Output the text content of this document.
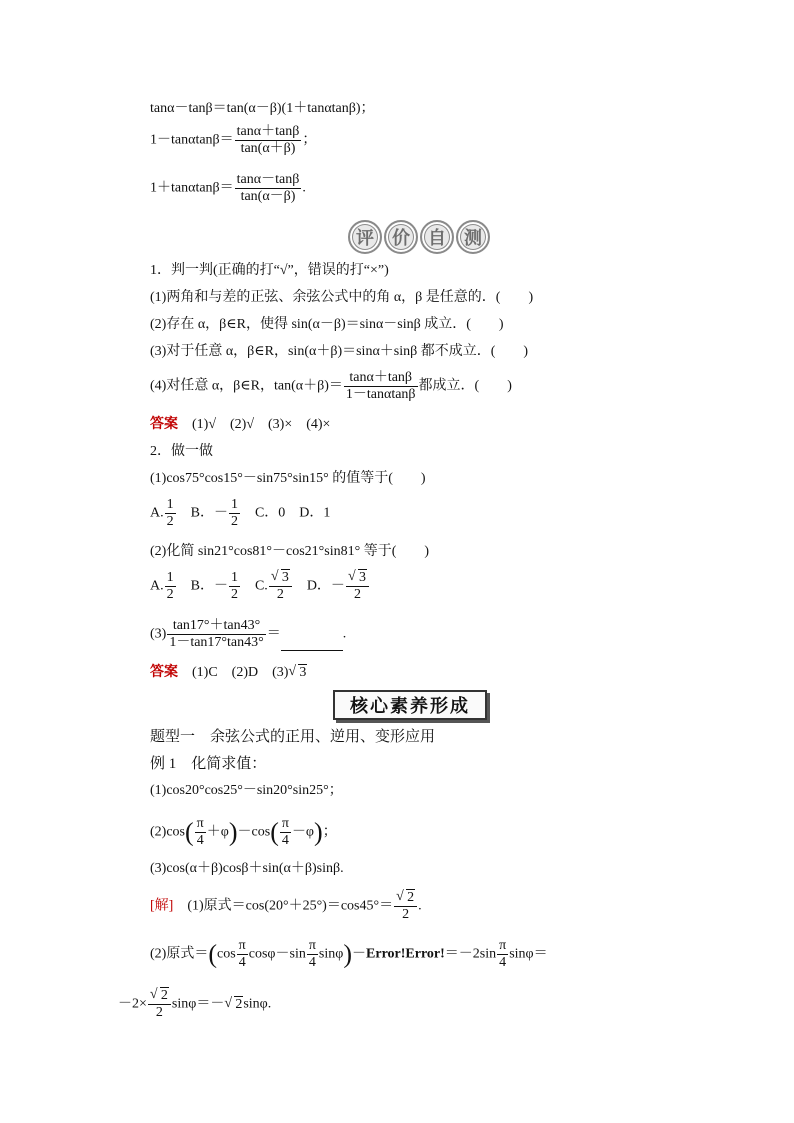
tanα－tanβ＝tan(α－β)(1＋tanαtanβ)；
$1-\tan\alpha\tan\beta= \frac{\tan\alpha+\tan\beta}{\tan(\alpha+\beta)}$ ；
$1+\tan\alpha\tan\beta= \frac{\tan\alpha-\tan\beta}{\tan(\alpha-\beta)}$ .
评	价	自	测
1．判一判(正确的打“√”，错误的打“×”)
(1)两角和与差的正弦、余弦公式中的角 α，β 是任意的．(　　)
(2)存在 α，β∈R，使得 sin(α－β)＝sinα－sinβ 成立．(　　)
(3)对于任意 α，β∈R，sin(α＋β)＝sinα＋sinβ 都不成立．(　　)
(4)对任意 α，β∈R，$\tan(\alpha+\beta)= \frac{\tan\alpha+\tan\beta}{1-\tan\alpha\tan\beta}$ 都成立．(　　)
答案　 (1)√　(2)√　(3)×　(4)×
2．做一做
(1)cos75°cos15°－sin75°sin15° 的值等于(　　)
A. $\frac{1}{2}$
　 B．－ $\frac{1}{2}$
　 C．0　D．1
(2)化简 sin21°cos81°－cos21°sin81° 等于(　　)
A. $\frac{1}{2}$
　 B．－ $\frac{1}{2}$
　 C.
√ $\frac{3}{2}$
　 D．－
√ $\frac{3}{2}$
$(3) \frac{\tan 17^\circ+\tan 43^\circ}{1-\tan 17^\circ\tan 43^\circ}$ ＝	.
答案　 (1)C　(2)D　(3)√ 3
核心素养形成
题型一　余弦公式的正用、逆用、变形应用
例 1　化简求值：
(1)cos20°cos25°－sin20°sin25°；
$(2)\cos( \frac{\pi}{4} +\varphi)-\cos( \frac{\pi}{4} -\varphi)$；
(3)cos(α＋β)cosβ＋sin(α＋β)sinβ.
[解]　 (1)原式＝cos(20°＋25°)＝cos45°＝
√ $\frac{2}{2}$ .
(2)原式$=(\cos \frac{\pi}{4} \cos\varphi-\sin \frac{\pi}{4}$ sinφ)－Error!Error!＝－2sin $\frac{\pi}{4} \sin\varphi=$
－2×
√ $\frac{2}{2} \sin\varphi=-√$ 2sinφ.
